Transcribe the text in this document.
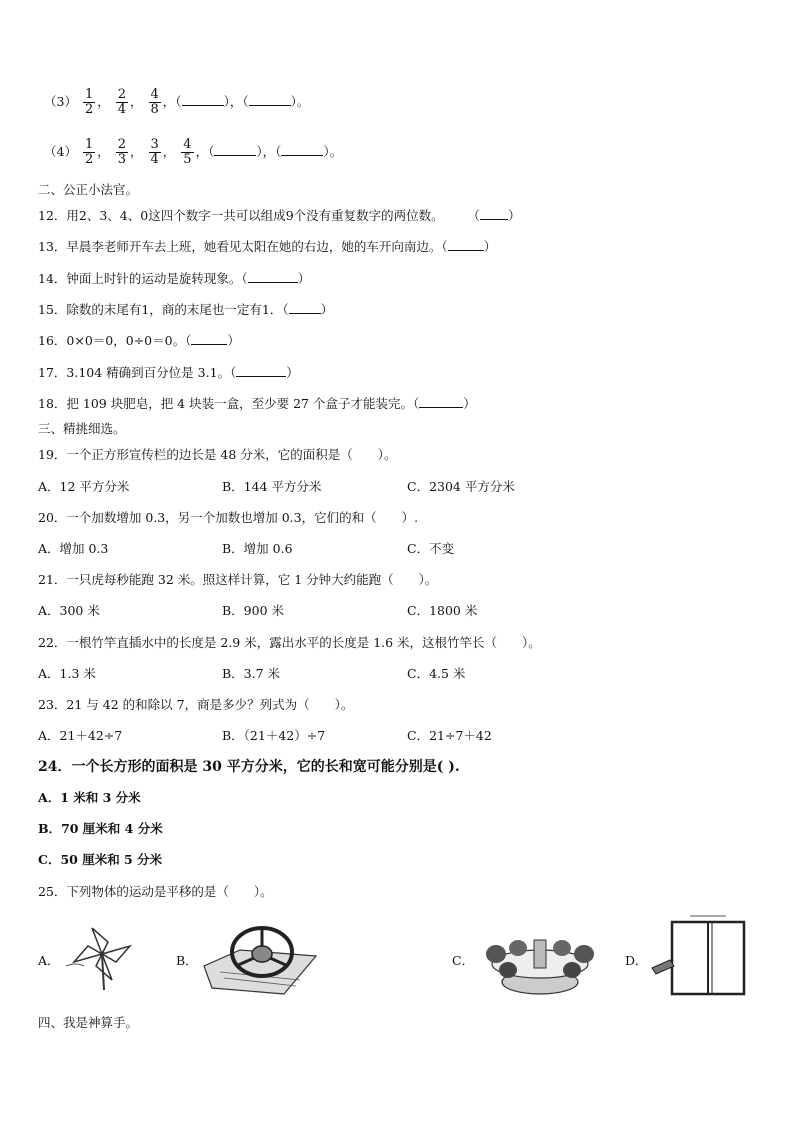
$(3) \frac{1}{2}$ ， $\frac{2}{4}$ ， $\frac{4}{8}$ ，（	），（	）。
$(4) \frac{1}{2}$ ， $\frac{2}{3}$ ， $\frac{3}{4}$ ， $\frac{4}{5}$ ，（	），（	）。
二、公正小法官。
12．用2、3、4、0这四个数字一共可以组成9个没有重复数字的两位数。 （ ）
13．早晨李老师开车去上班，她看见太阳在她的右边，她的车开向南边。（	）
14．钟面上时针的运动是旋转现象。（	）
15．除数的末尾有1，商的末尾也一定有1．（	）
16．0×0＝0，0÷0＝0。（	）
17．3.104 精确到百分位是 3.1。（	）
18．把 109 块肥皂，把 4 块装一盒，至少要 27 个盒子才能装完。（	）
三、精挑细选。
19．一个正方形宣传栏的边长是 48 分米，它的面积是（　　）。
A．12 平方分米	B．144 平方分米	C．2304 平方分米
20．一个加数增加 0.3，另一个加数也增加 0.3，它们的和（　　）.
A．增加 0.3	B．增加 0.6	C．不变
21．一只虎每秒能跑 32 米。照这样计算，它 1 分钟大约能跑（　　）。
A．300 米	B．900 米	C．1800 米
22．一根竹竿直插水中的长度是 2.9 米，露出水平的长度是 1.6 米，这根竹竿长（　　）。
A．1.3 米	B．3.7 米	C．4.5 米
23．21 与 42 的和除以 7，商是多少？列式为（　　）。
A．21＋42÷7	B．（21＋42）÷7	C．21÷7＋42
24．一个长方形的面积是 30 平方分米，它的长和宽可能分别是( ).
A．1 米和 3 分米
B．70 厘米和 4 分米
C．50 厘米和 5 分米
25．下列物体的运动是平移的是（　　）。
A．	B．	C．	D．
四、我是神算手。
